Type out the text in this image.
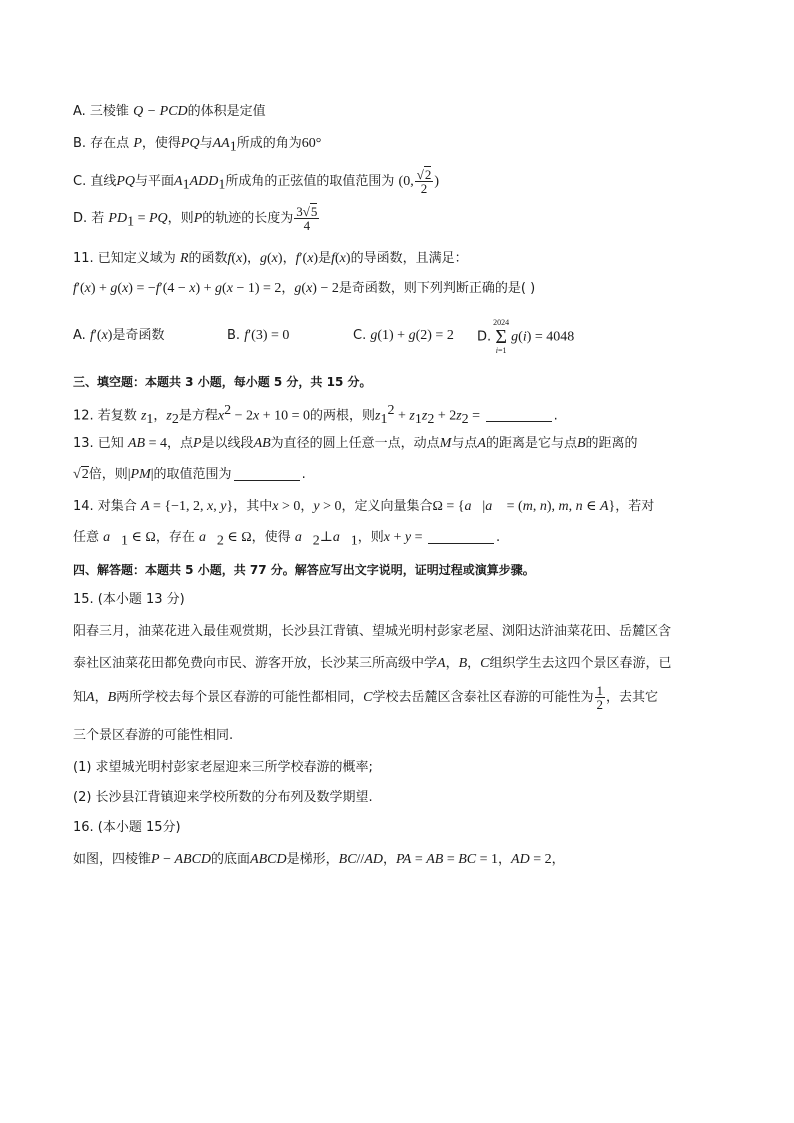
A. 三棱锥 Q − PCD的体积是定值
B. 存在点 P，使得PQ与$AA_1$所成的角为60°
C. 直线PQ与平面$A_1ADD_1$所成角的正弦值的取值范围为 (0, $\frac{√2}{2}$ )
D. 若 $PD_1$ = PQ，则P的轨迹的长度为 $\frac{3√5}{4}$
11. 已知定义域为 R的函数f(x)，g(x)，f′(x)是f(x)的导函数，且满足：
f′(x) + g(x) = −f′(4 − x) + g(x − 1) = 2，g(x) − 2是奇函数，则下列判断正确的是( )
A. f′(x)是奇函数	B. f′(3) = 0	C. g(1) + g(2) = 2 D.
2024
Σ
i=1
g(i) = 4048
三、填空题：本题共 3 小题，每小题 5 分，共 15 分。
12. 若复数 $z_1$，$z_2$是方程$x^2 - 2x + 10 = 0$的两根，则$z_1^2 + z_1z_2 + 2z_2$ =	.
13. 已知 AB = 4，点P是以线段AB为直径的圆上任意一点，动点M与点A的距离是它与点B的距离的
√2倍，则|PM|的取值范围为	.
14. 对集合 A = {−1, 2, x, y}，其中x > 0，y > 0，定义向量集合Ω = {a⃗|a⃗ = (m, n), m, n ∈ A}，若对
任意 $a⃗_1$ ∈ Ω，存在 $a⃗_2$ ∈ Ω，使得 $a⃗_2\perp a⃗_1$，则x + y =	.
四、解答题：本题共 5 小题，共 77 分。解答应写出文字说明，证明过程或演算步骤。
15. (本小题 13 分)
阳春三月，油菜花进入最佳观赏期，长沙县江背镇、望城光明村彭家老屋、浏阳达浒油菜花田、岳麓区含
泰社区油菜花田都免费向市民、游客开放，长沙某三所高级中学A，B，C组织学生去这四个景区春游，已
知A，B两所学校去每个景区春游的可能性都相同，C学校去岳麓区含泰社区春游的可能性为 $\frac{1}{2}$ ，去其它
三个景区春游的可能性相同.
(1) 求望城光明村彭家老屋迎来三所学校春游的概率;
(2) 长沙县江背镇迎来学校所数的分布列及数学期望.
16. (本小题 15分)
如图，四棱锥P − ABCD的底面ABCD是梯形，BC//AD，PA = AB = BC = 1，AD = 2，
